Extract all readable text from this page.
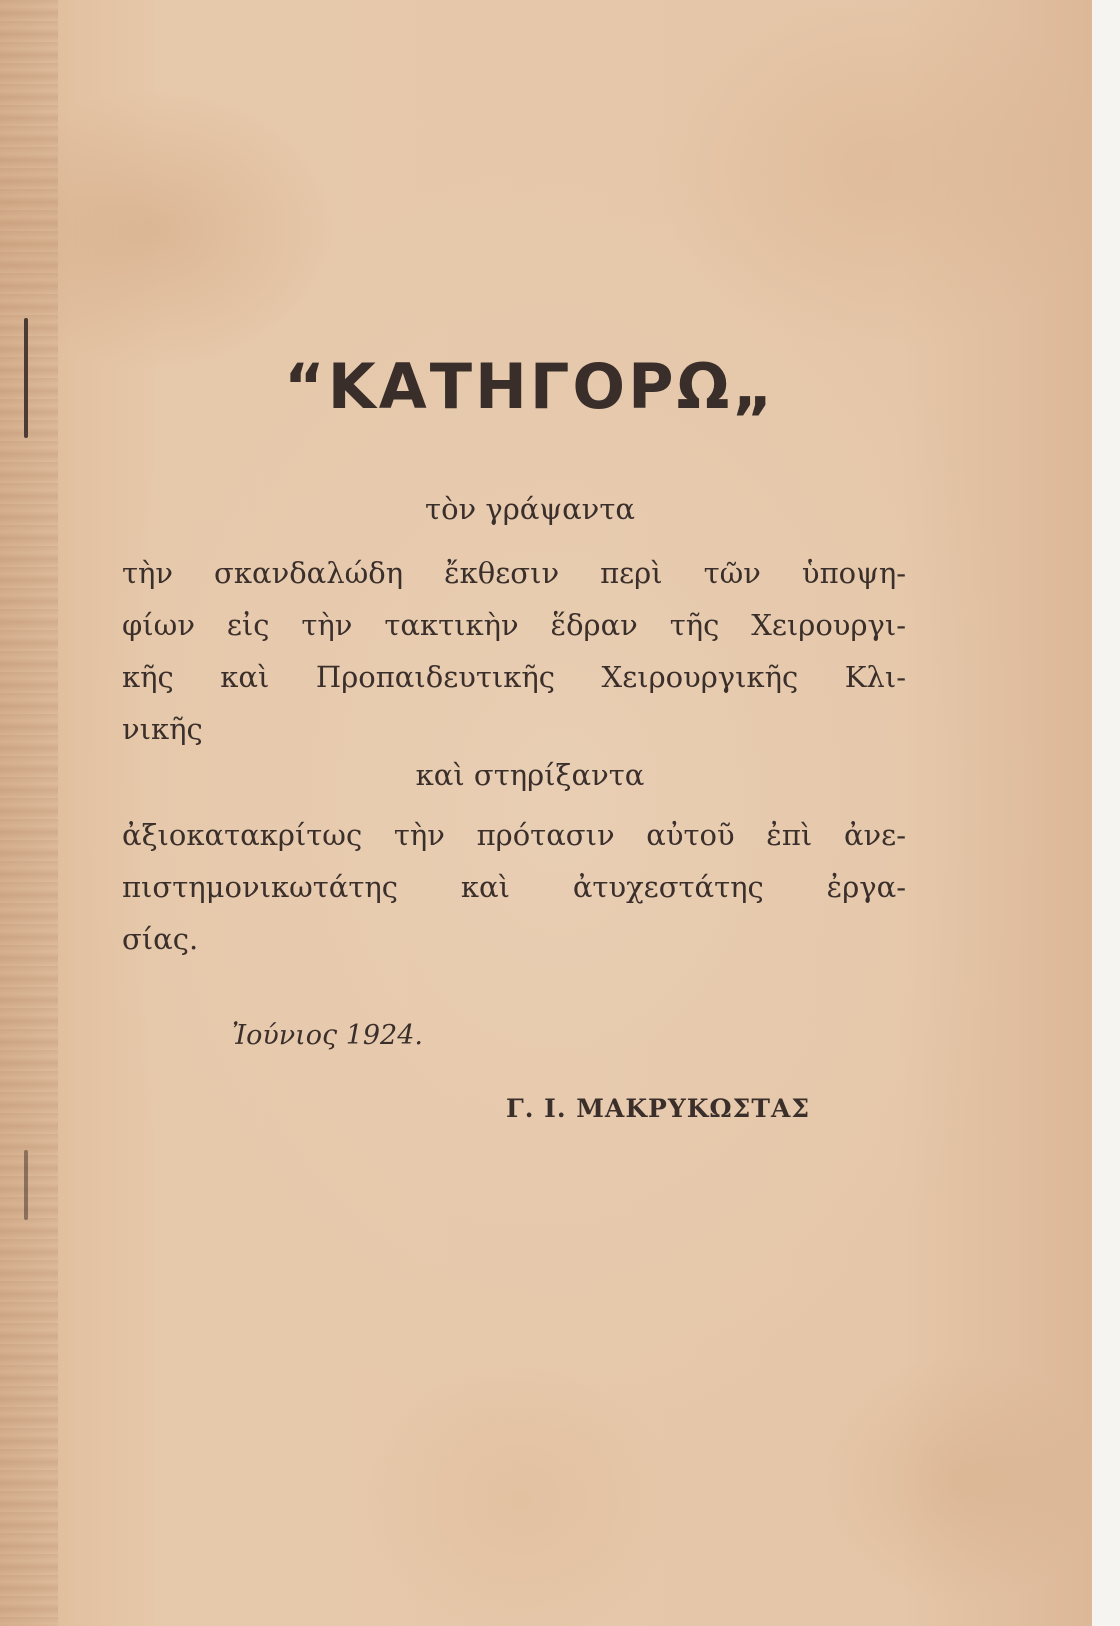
“ΚΑΤΗΓΟΡΩ„
τὸν γράψαντα
τὴν σκανδαλώδη ἔκθεσιν περὶ τῶν ὑποψη-
φίων εἰς τὴν τακτικὴν ἕδραν τῆς Χειρουργι-
κῆς καὶ Προπαιδευτικῆς Χειρουργικῆς Κλι-
νικῆς
καὶ στηρίξαντα
ἀξιοκατακρίτως τὴν πρότασιν αὐτοῦ ἐπὶ ἀνε-
πιστημονικωτάτης καὶ ἀτυχεστάτης ἐργα-
σίας.
Ἰούνιος 1924.
Γ. Ι. ΜΑΚΡΥΚΩΣΤΑΣ
